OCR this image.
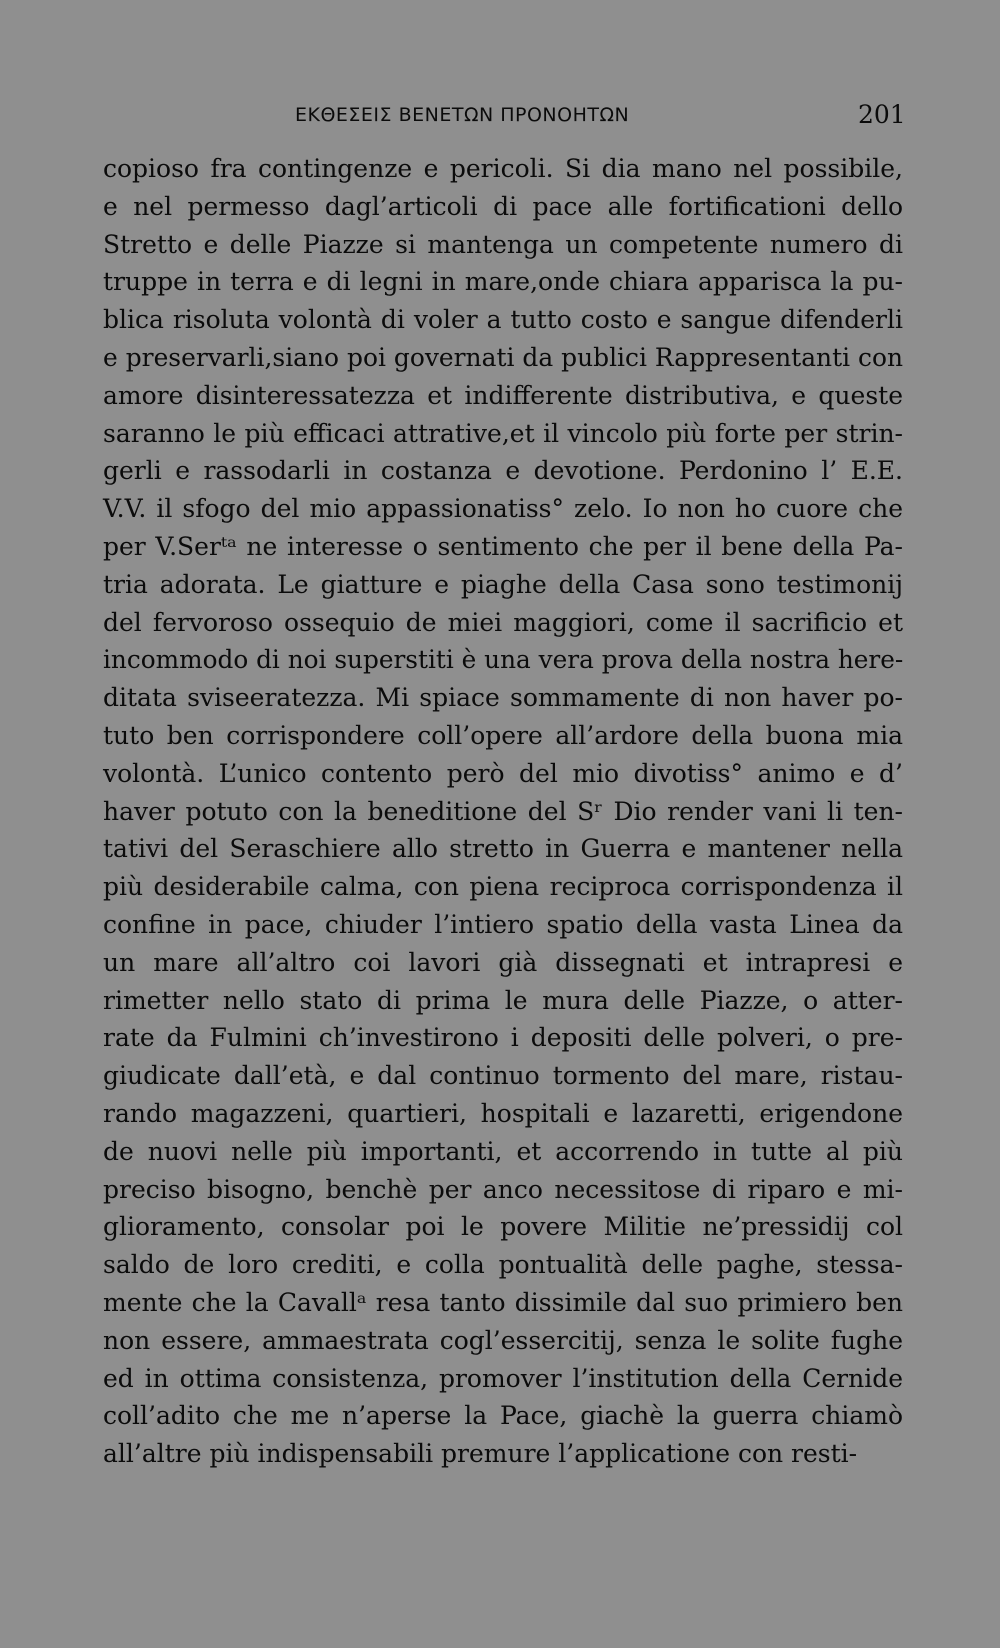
ΕΚΘΕΣΕΙΣ ΒΕΝΕΤΩΝ ΠΡΟΝΟΗΤΩΝ	201
copioso fra contingenze e pericoli. Si dia mano nel possibile,
e nel permesso dagl’articoli di pace alle fortificationi dello
Stretto e delle Piazze si mantenga un competente numero di
truppe in terra e di legni in mare,onde chiara apparisca la pu-
blica risoluta volontà di voler a tutto costo e sangue difenderli
e preservarli,siano poi governati da publici Rappresentanti con
amore disinteressatezza et indifferente distributiva, e queste
saranno le più efficaci attrative,et il vincolo più forte per strin-
gerli e rassodarli in costanza e devotione. Perdonino l’ E.E.
V.V. il sfogo del mio appassionatiss° zelo. Io non ho cuore che
per V.Serᵗᵃ ne interesse o sentimento che per il bene della Pa-
tria adorata. Le giatture e piaghe della Casa sono testimonij
del fervoroso ossequio de miei maggiori, come il sacrificio et
incommodo di noi superstiti è una vera prova della nostra here-
ditata sviseeratezza. Mi spiace sommamente di non haver po-
tuto ben corrispondere coll’opere all’ardore della buona mia
volontà. L’unico contento però del mio divotiss° animo e d’
haver potuto con la beneditione del Sʳ Dio render vani li ten-
tativi del Seraschiere allo stretto in Guerra e mantener nella
più desiderabile calma, con piena reciproca corrispondenza il
confine in pace, chiuder l’intiero spatio della vasta Linea da
un mare all’altro coi lavori già dissegnati et intrapresi e
rimetter nello stato di prima le mura delle Piazze, o atter-
rate da Fulmini ch’investirono i depositi delle polveri, o pre-
giudicate dall’età, e dal continuo tormento del mare, ristau-
rando magazzeni, quartieri, hospitali e lazaretti, erigendone
de nuovi nelle più importanti, et accorrendo in tutte al più
preciso bisogno, benchè per anco necessitose di riparo e mi-
glioramento, consolar poi le povere Militie ne’pressidij col
saldo de loro crediti, e colla pontualità delle paghe, stessa-
mente che la Cavallᵃ resa tanto dissimile dal suo primiero ben
non essere, ammaestrata cogl’essercitij, senza le solite fughe
ed in ottima consistenza, promover l’institution della Cernide
coll’adito che me n’aperse la Pace, giachè la guerra chiamò
all’altre più indispensabili premure l’applicatione con resti-
